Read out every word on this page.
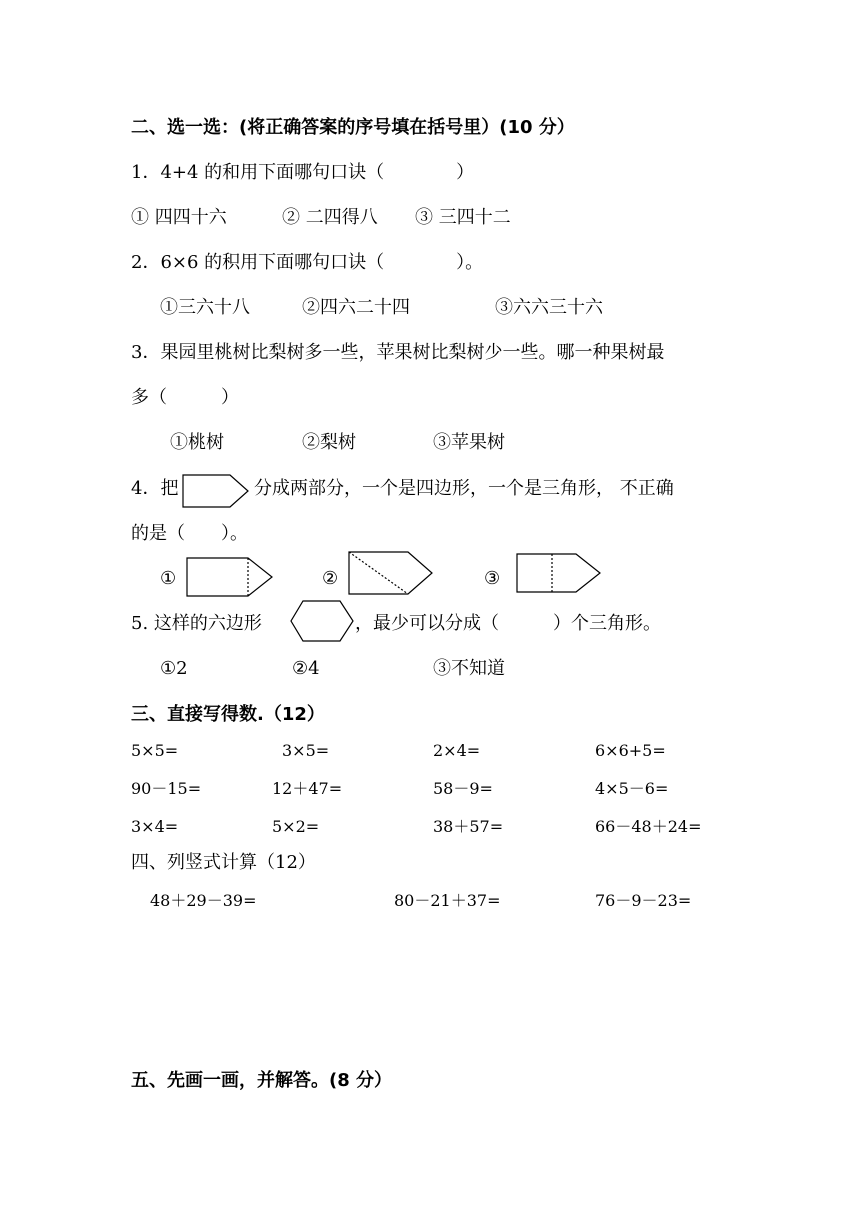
二、选一选：(将正确答案的序号填在括号里）(10 分）
1．4+4 的和用下面哪句口诀（　　　　）
① 四四十六	② 二四得八 ③ 三四十二
2．6×6 的积用下面哪句口诀（　　　　）。
①三六十八	②四六二十四	③六六三十六
3．果园里桃树比梨树多一些，苹果树比梨树少一些。哪一种果树最
多（　　　）
①桃树	②梨树	③苹果树
4．把	分成两部分，一个是四边形，一个是三角形， 不正确
的是（　　）。
①	②	③
5. 这样的六边形	，最少可以分成（　　　）个三角形。
①2	②4	③不知道
三、直接写得数.（12）
5×5=	3×5=	2×4=	6×6+5=
90－15=	12＋47=	58－9=	4×5－6=
3×4=	5×2=	38＋57=	66－48＋24=
四、列竖式计算（12）
48＋29－39=	80－21＋37=	76－9－23=
五、先画一画，并解答。(8 分）
